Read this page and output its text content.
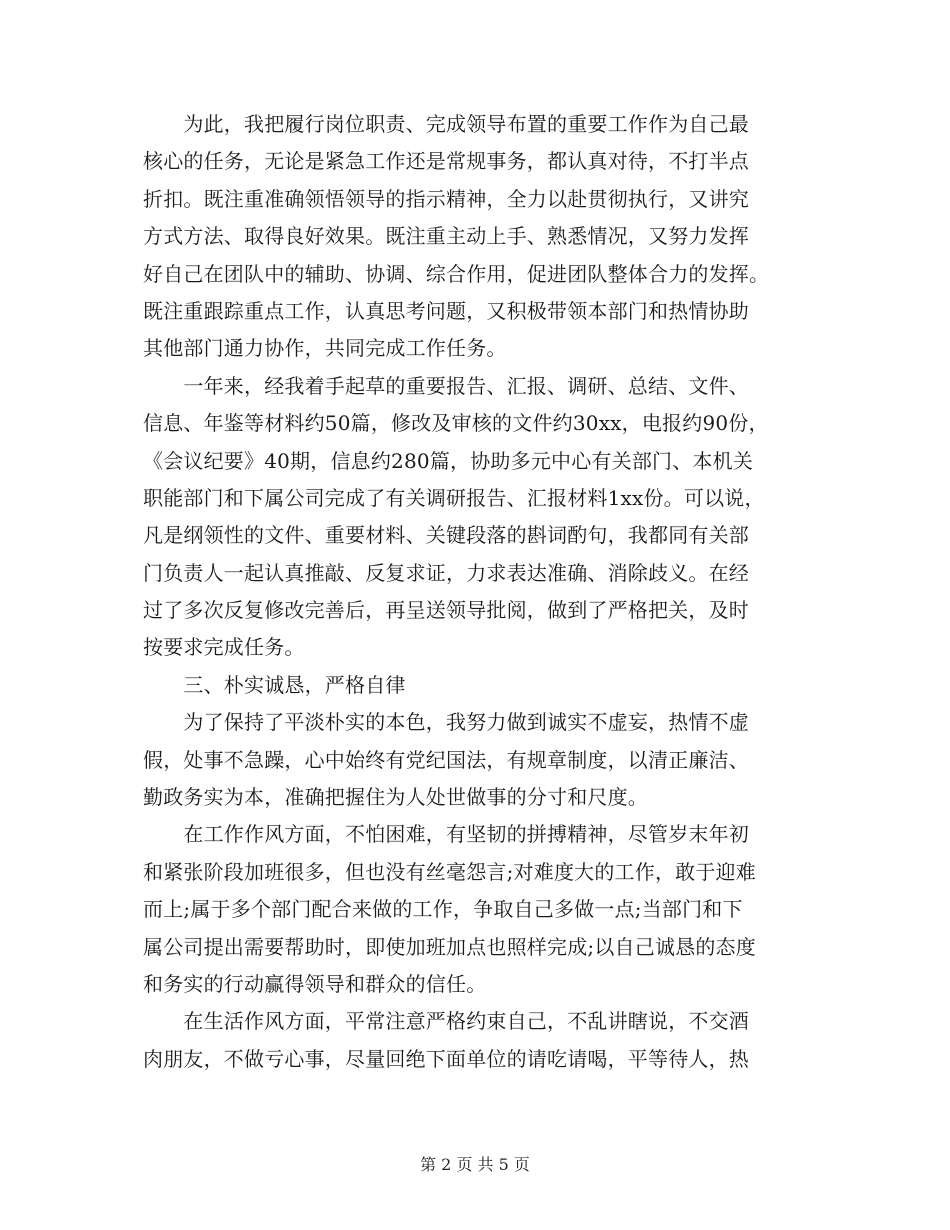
　　为此，我把履行岗位职责、完成领导布置的重要工作作为自己最
核心的任务，无论是紧急工作还是常规事务，都认真对待，不打半点
折扣。既注重准确领悟领导的指示精神，全力以赴贯彻执行，又讲究
方式方法、取得良好效果。既注重主动上手、熟悉情况，又努力发挥
好自己在团队中的辅助、协调、综合作用，促进团队整体合力的发挥。
既注重跟踪重点工作，认真思考问题，又积极带领本部门和热情协助
其他部门通力协作，共同完成工作任务。
　　一年来，经我着手起草的重要报告、汇报、调研、总结、文件、
信息、年鉴等材料约50篇，修改及审核的文件约30xx，电报约90份，
《会议纪要》40期，信息约280篇，协助多元中心有关部门、本机关
职能部门和下属公司完成了有关调研报告、汇报材料1xx份。可以说，
凡是纲领性的文件、重要材料、关键段落的斟词酌句，我都同有关部
门负责人一起认真推敲、反复求证，力求表达准确、消除歧义。在经
过了多次反复修改完善后，再呈送领导批阅，做到了严格把关，及时
按要求完成任务。
　　三、朴实诚恳，严格自律
　　为了保持了平淡朴实的本色，我努力做到诚实不虚妄，热情不虚
假，处事不急躁，心中始终有党纪国法，有规章制度，以清正廉洁、
勤政务实为本，准确把握住为人处世做事的分寸和尺度。
　　在工作作风方面，不怕困难，有坚韧的拼搏精神，尽管岁末年初
和紧张阶段加班很多，但也没有丝毫怨言;对难度大的工作，敢于迎难
而上;属于多个部门配合来做的工作，争取自己多做一点;当部门和下
属公司提出需要帮助时，即使加班加点也照样完成;以自己诚恳的态度
和务实的行动赢得领导和群众的信任。
　　在生活作风方面，平常注意严格约束自己，不乱讲瞎说，不交酒
肉朋友，不做亏心事，尽量回绝下面单位的请吃请喝，平等待人，热
第 2 页 共 5 页
